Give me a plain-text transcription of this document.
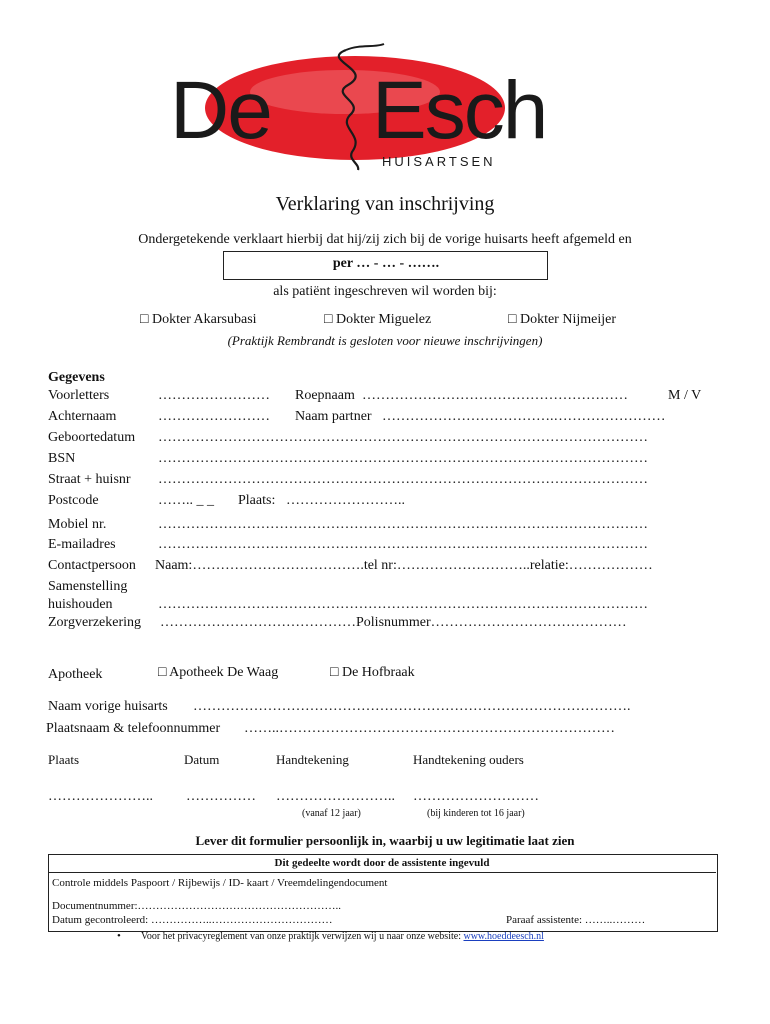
De Esch
HUISARTSEN
Verklaring van inschrijving
Ondergetekende verklaart hierbij dat hij/zij zich bij de vorige huisarts heeft afgemeld en
per … - … - …….
als patiënt ingeschreven wil worden bij:
□ Dokter Akarsubasi	□ Dokter Miguelez	□ Dokter Nijmeijer
(Praktijk Rembrandt is gesloten voor nieuwe inschrijvingen)
Gegevens
Voorletters	…………………… Roepnaam …………………………………………………	M / V
Achternaam	…………………… Naam partner ……………………………….……………………
Geboortedatum ……………………………………………………………………………………………
BSN	……………………………………………………………………………………………
Straat + huisnr ……………………………………………………………………………………………
Postcode	…….. _ _ Plaats: ……………………..
Mobiel nr.	……………………………………………………………………………………………
E-mailadres	……………………………………………………………………………………………
Contactpersoon Naam:……………………………….tel nr:………………………..relatie:………………
Samenstelling
huishouden	……………………………………………………………………………………………
Zorgverzekering ……………………………………Polisnummer……………………………………
Apotheek	□ Apotheek De Waag	□ De Hofbraak
Naam vorige huisarts ………………………………………………………………………………….
Plaatsnaam & telefoonnummer ……..………………………………………………………………
Plaats	Datum	Handtekening	Handtekening ouders
………………….. …………… …………………….. ………………………
(vanaf 12 jaar)	(bij kinderen tot 16 jaar)
Lever dit formulier persoonlijk in, waarbij u uw legitimatie laat zien
Dit gedeelte wordt door de assistente ingevuld
Controle middels Paspoort / Rijbewijs / ID- kaart / Vreemdelingendocument
Documentnummer:………………………………………………..
Datum gecontroleerd: ……………..……………………………	Paraaf assistente: ……..………
• Voor het privacyreglement van onze praktijk verwijzen wij u naar onze website: www.hoeddeesch.nl
